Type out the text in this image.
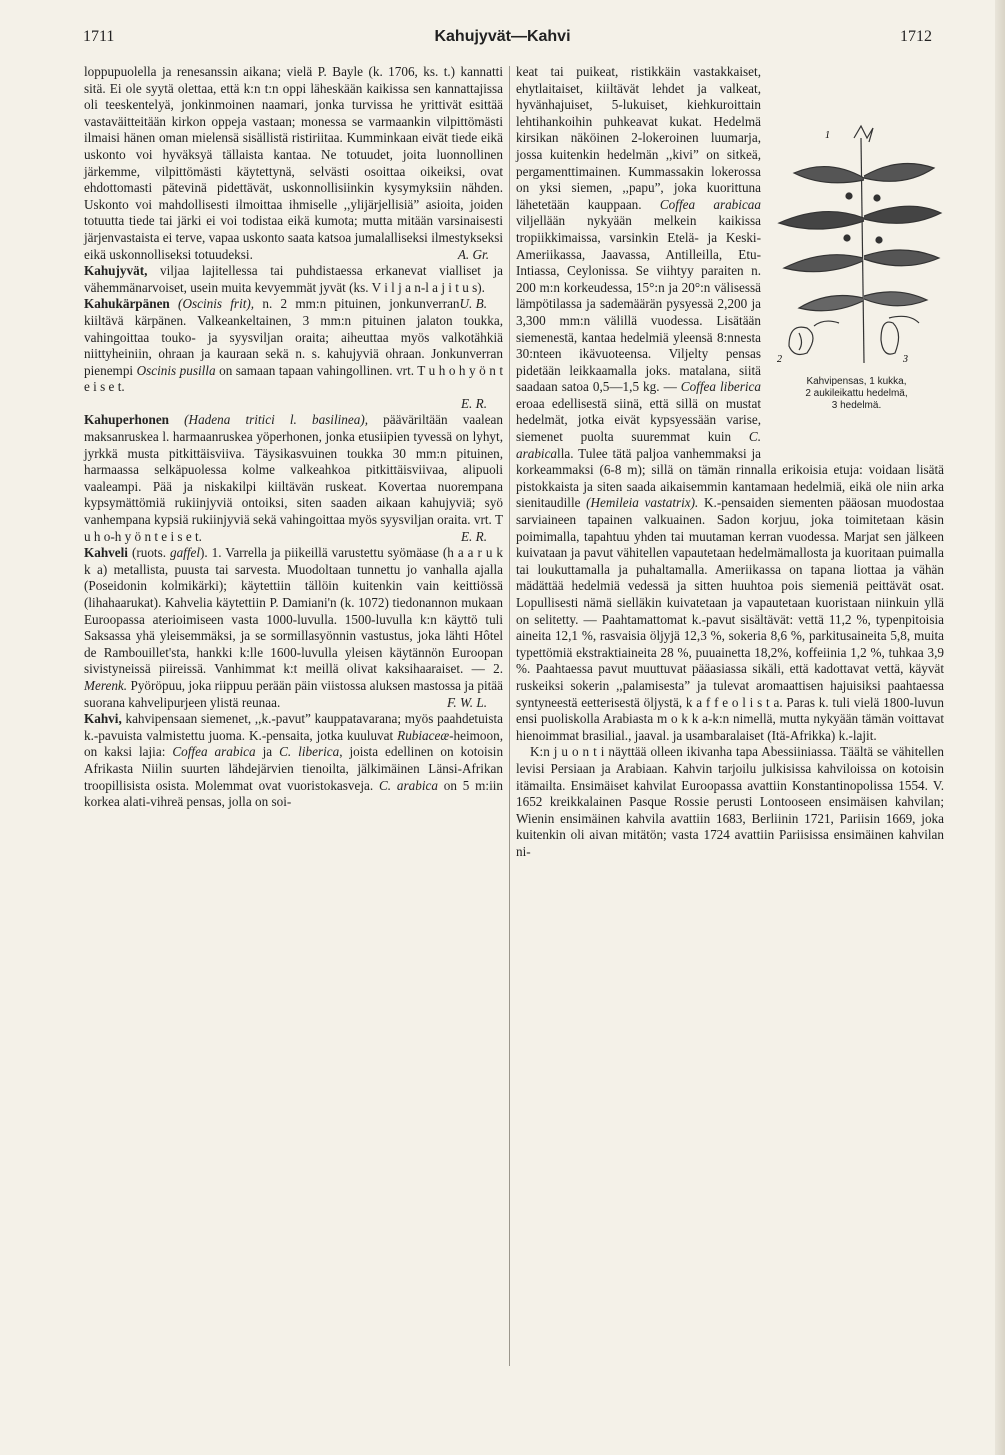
1711	Kahujyvät—Kahvi	1712

loppupuolella ja renesanssin aikana; vielä P. Bayle (k. 1706, ks. t.) kannatti sitä. Ei ole syytä olettaa, että k:n t:n oppi läheskään kaikissa sen kannattajissa oli teeskentelyä, jonkinmoinen naamari, jonka turvissa he yrittivät esittää vastaväitteitään kirkon oppeja vastaan; monessa se varmaankin vilpittömästi ilmaisi hänen oman mielensä sisällistä ristiriitaa. Kumminkaan eivät tiede eikä uskonto voi hyväksyä tällaista kantaa. Ne totuudet, joita luonnollinen järkemme, vilpittömästi käytettynä, selvästi osoittaa oikeiksi, ovat ehdottomasti pätevinä pidettävät, uskonnollisiinkin kysymyksiin nähden. Uskonto voi mahdollisesti ilmoittaa ihmiselle ,,ylijärjellisiä” asioita, joiden totuutta tiede tai järki ei voi todistaa eikä kumota; mutta mitään varsinaisesti järjenvastaista ei terve, vapaa uskonto saata katsoa jumalalliseksi ilmestykseksi eikä uskonnolliseksi totuudeksi.	A. Gr.

Kahujyvät, viljaa lajitellessa tai puhdistaessa erkanevat vialliset ja vähemmänarvoiset, usein muita kevyemmät jyvät (ks. V i l j a n-l a j i t u s).
U. B.

Kahukärpänen (Oscinis frit), n. 2 mm:n pituinen, jonkunverran kiiltävä kärpänen. Valkeankeltainen, 3 mm:n pituinen jalaton toukka, vahingoittaa touko- ja syysviljan oraita; aiheuttaa myös valkotähkiä niittyheiniin, ohraan ja kauraan sekä n. s. kahujyviä ohraan. Jonkunverran pienempi Oscinis pusilla on samaan tapaan vahingollinen. vrt. T u h o h y ö n t e i s e t.
E. R.

Kahuperhonen (Hadena tritici l. basilinea), pääväriltään vaalean maksanruskea l. harmaanruskea yöperhonen, jonka etusiipien tyvessä on lyhyt, jyrkkä musta pitkittäisviiva. Täysikasvuinen toukka 30 mm:n pituinen, harmaassa selkäpuolessa kolme valkeahkoa pitkittäisviivaa, alipuoli vaaleampi. Pää ja niskakilpi kiiltävän ruskeat. Kovertaa nuorempana kypsymättömiä rukiinjyviä ontoiksi, siten saaden aikaan kahujyviä; syö vanhempana kypsiä rukiinjyviä sekä vahingoittaa myös syysviljan oraita. vrt. T u h o-h y ö n t e i s e t.	E. R.

Kahveli (ruots. gaffel). 1. Varrella ja piikeillä varustettu syömäase (h a a r u k k a) metallista, puusta tai sarvesta. Muodoltaan tunnettu jo vanhalla ajalla (Poseidonin kolmikärki); käytettiin tällöin kuitenkin vain keittiössä (lihahaarukat). Kahvelia käytettiin P. Damiani'n (k. 1072) tiedonannon mukaan Euroopassa aterioimiseen vasta 1000-luvulla. 1500-luvulla k:n käyttö tuli Saksassa yhä yleisemmäksi, ja se sormillasyönnin vastustus, joka lähti Hôtel de Rambouillet'sta, hankki k:lle 1600-luvulla yleisen käytännön Euroopan sivistyneissä piireissä. Vanhimmat k:t meillä olivat kaksihaaraiset. — 2. Merenk. Pyöröpuu, joka riippuu perään päin viistossa aluksen mastossa ja pitää suorana kahvelipurjeen ylistä reunaa.	F. W. L.

Kahvi, kahvipensaan siemenet, ,,k.-pavut” kauppatavarana; myös paahdetuista k.-pavuista valmistettu juoma. K.-pensaita, jotka kuuluvat Rubiaceæ-heimoon, on kaksi lajia: Coffea arabica ja C. liberica, joista edellinen on kotoisin Afrikasta Niilin suurten lähdejärvien tienoilta, jälkimäinen Länsi-Afrikan troopillisista osista. Molemmat ovat vuoristokasveja. C. arabica on 5 m:iin korkea alati-vihreä pensas, jolla on soi-

2
1
3
Kahvipensas, 1 kukka,
2 aukileikattu hedelmä,
3 hedelmä.

keat tai puikeat, ristikkäin vastakkaiset, ehytlaitaiset, kiiltävät lehdet ja valkeat, hyvänhajuiset, 5-lukuiset, kiehkuroittain lehtihankoihin puhkeavat kukat. Hedelmä kirsikan näköinen 2-lokeroinen luumarja, jossa kuitenkin hedelmän ,,kivi” on sitkeä, pergamenttimainen. Kummassakin lokerossa on yksi siemen, ,,papu”, joka kuorittuna lähetetään kauppaan. Coffea arabicaa viljellään nykyään melkein kaikissa tropiikkimaissa, varsinkin Etelä- ja Keski-Ameriikassa, Jaavassa, Antilleilla, Etu-Intiassa, Ceylonissa. Se viihtyy paraiten n. 200 m:n korkeudessa, 15°:n ja 20°:n välisessä lämpötilassa ja sademäärän pysyessä 2,200 ja 3,300 mm:n välillä vuodessa. Lisätään siemenestä, kantaa hedelmiä yleensä 8:nnesta 30:nteen ikävuoteensa. Viljelty pensas pidetään leikkaamalla joks. matalana, siitä saadaan satoa 0,5—1,5 kg. — Coffea liberica eroaa edellisestä siinä, että sillä on mustat hedelmät, jotka eivät kypsyessään varise, siemenet puolta suuremmat kuin C. arabicalla. Tulee tätä paljoa vanhemmaksi ja korkeammaksi (6-8 m); sillä on tämän rinnalla erikoisia etuja: voidaan lisätä pistokkaista ja siten saada aikaisemmin kantamaan hedelmiä, eikä ole niin arka sienitaudille (Hemileia vastatrix). K.-pensaiden siementen pääosan muodostaa sarviaineen tapainen valkuainen. Sadon korjuu, joka toimitetaan käsin poimimalla, tapahtuu yhden tai muutaman kerran vuodessa. Marjat sen jälkeen kuivataan ja pavut vähitellen vapautetaan hedelmämallosta ja kuoritaan puimalla tai loukuttamalla ja puhaltamalla. Ameriikassa on tapana liottaa ja vähän mädättää hedelmiä vedessä ja sitten huuhtoa pois siemeniä peittävät osat. Lopullisesti nämä sielläkin kuivatetaan ja vapautetaan kuoristaan niinkuin yllä on selitetty. — Paahtamattomat k.-pavut sisältävät: vettä 11,2 %, typenpitoisia aineita 12,1 %, rasvaisia öljyjä 12,3 %, sokeria 8,6 %, parkitusaineita 5,8, muita typettömiä ekstraktiaineita 28 %, puuainetta 18,2%, koffeiinia 1,2 %, tuhkaa 3,9 %. Paahtaessa pavut muuttuvat pääasiassa sikäli, että kadottavat vettä, käyvät ruskeiksi sokerin ,,palamisesta” ja tulevat aromaattisen hajuisiksi paahtaessa syntyneestä eetterisestä öljystä, k a f f e o l i s t a. Paras k. tuli vielä 1800-luvun ensi puoliskolla Arabiasta m o k k a-k:n nimellä, mutta nykyään tämän voittavat hienoimmat brasilial., jaaval. ja usambaralaiset (Itä-Afrikka) k.-lajit.

K:n j u o n t i näyttää olleen ikivanha tapa Abessiiniassa. Täältä se vähitellen levisi Persiaan ja Arabiaan. Kahvin tarjoilu julkisissa kahviloissa on kotoisin itämailta. Ensimäiset kahvilat Euroopassa avattiin Konstantinopolissa 1554. V. 1652 kreikkalainen Pasque Rossie perusti Lontooseen ensimäisen kahvilan; Wienin ensimäinen kahvila avattiin 1683, Berliinin 1721, Pariisin 1669, joka kuitenkin oli aivan mitätön; vasta 1724 avattiin Pariisissa ensimäinen kahvilan ni-
